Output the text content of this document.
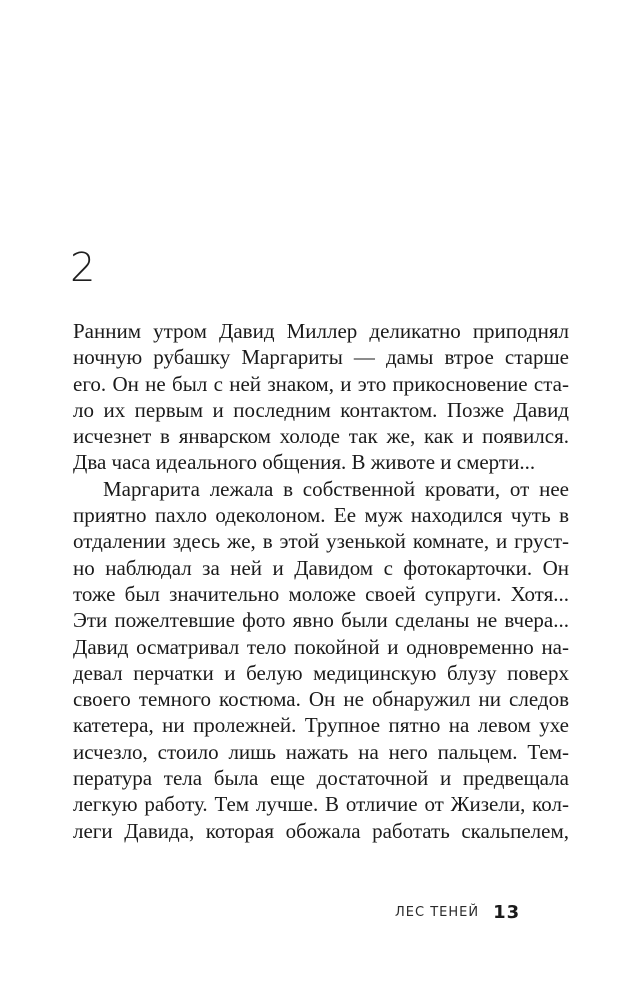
2
Ранним утром Давид Миллер деликатно приподнял
ночную рубашку Маргариты — дамы втрое старше
его. Он не был с ней знаком, и это прикосновение ста-
ло их первым и последним контактом. Позже Давид
исчезнет в январском холоде так же, как и появился.
Два часа идеального общения. В животе и смерти...
Маргарита лежала в собственной кровати, от нее
приятно пахло одеколоном. Ее муж находился чуть в
отдалении здесь же, в этой узенькой комнате, и груст-
но наблюдал за ней и Давидом с фотокарточки. Он
тоже был значительно моложе своей супруги. Хотя...
Эти пожелтевшие фото явно были сделаны не вчера...
Давид осматривал тело покойной и одновременно на-
девал перчатки и белую медицинскую блузу поверх
своего темного костюма. Он не обнаружил ни следов
катетера, ни пролежней. Трупное пятно на левом ухе
исчезло, стоило лишь нажать на него пальцем. Тем-
пература тела была еще достаточной и предвещала
легкую работу. Тем лучше. В отличие от Жизели, кол-
леги Давида, которая обожала работать скальпелем,
ЛЕС ТЕНЕЙ 13
